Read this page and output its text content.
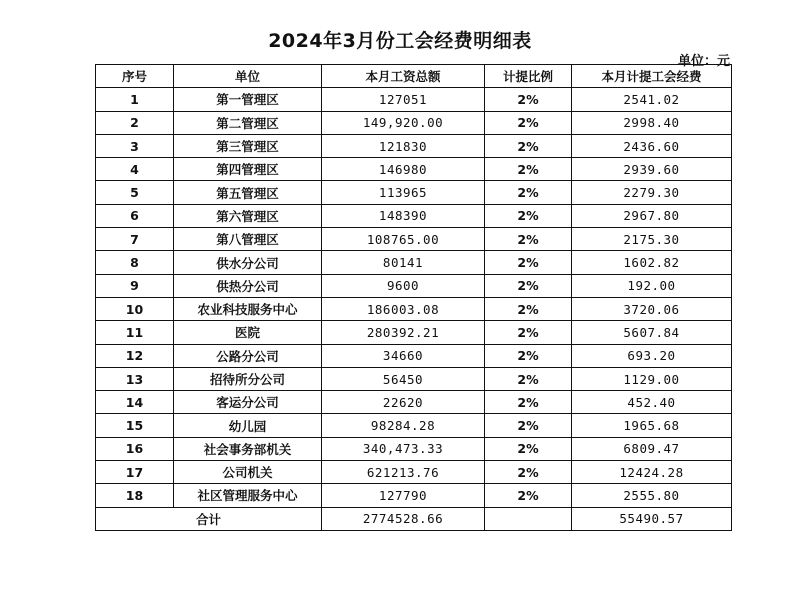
2024年3月份工会经费明细表
单位：元
序号	单位	本月工资总额	计提比例	本月计提工会经费
1	第一管理区	127051	2%	2541.02
2	第二管理区	149,920.00	2%	2998.40
3	第三管理区	121830	2%	2436.60
4	第四管理区	146980	2%	2939.60
5	第五管理区	113965	2%	2279.30
6	第六管理区	148390	2%	2967.80
7	第八管理区	108765.00	2%	2175.30
8	供水分公司	80141	2%	1602.82
9	供热分公司	9600	2%	192.00
10	农业科技服务中心	186003.08	2%	3720.06
11	医院	280392.21	2%	5607.84
12	公路分公司	34660	2%	693.20
13	招待所分公司	56450	2%	1129.00
14	客运分公司	22620	2%	452.40
15	幼儿园	98284.28	2%	1965.68
16	社会事务部机关	340,473.33	2%	6809.47
17	公司机关	621213.76	2%	12424.28
18	社区管理服务中心	127790	2%	2555.80
合计		2774528.66		55490.57
